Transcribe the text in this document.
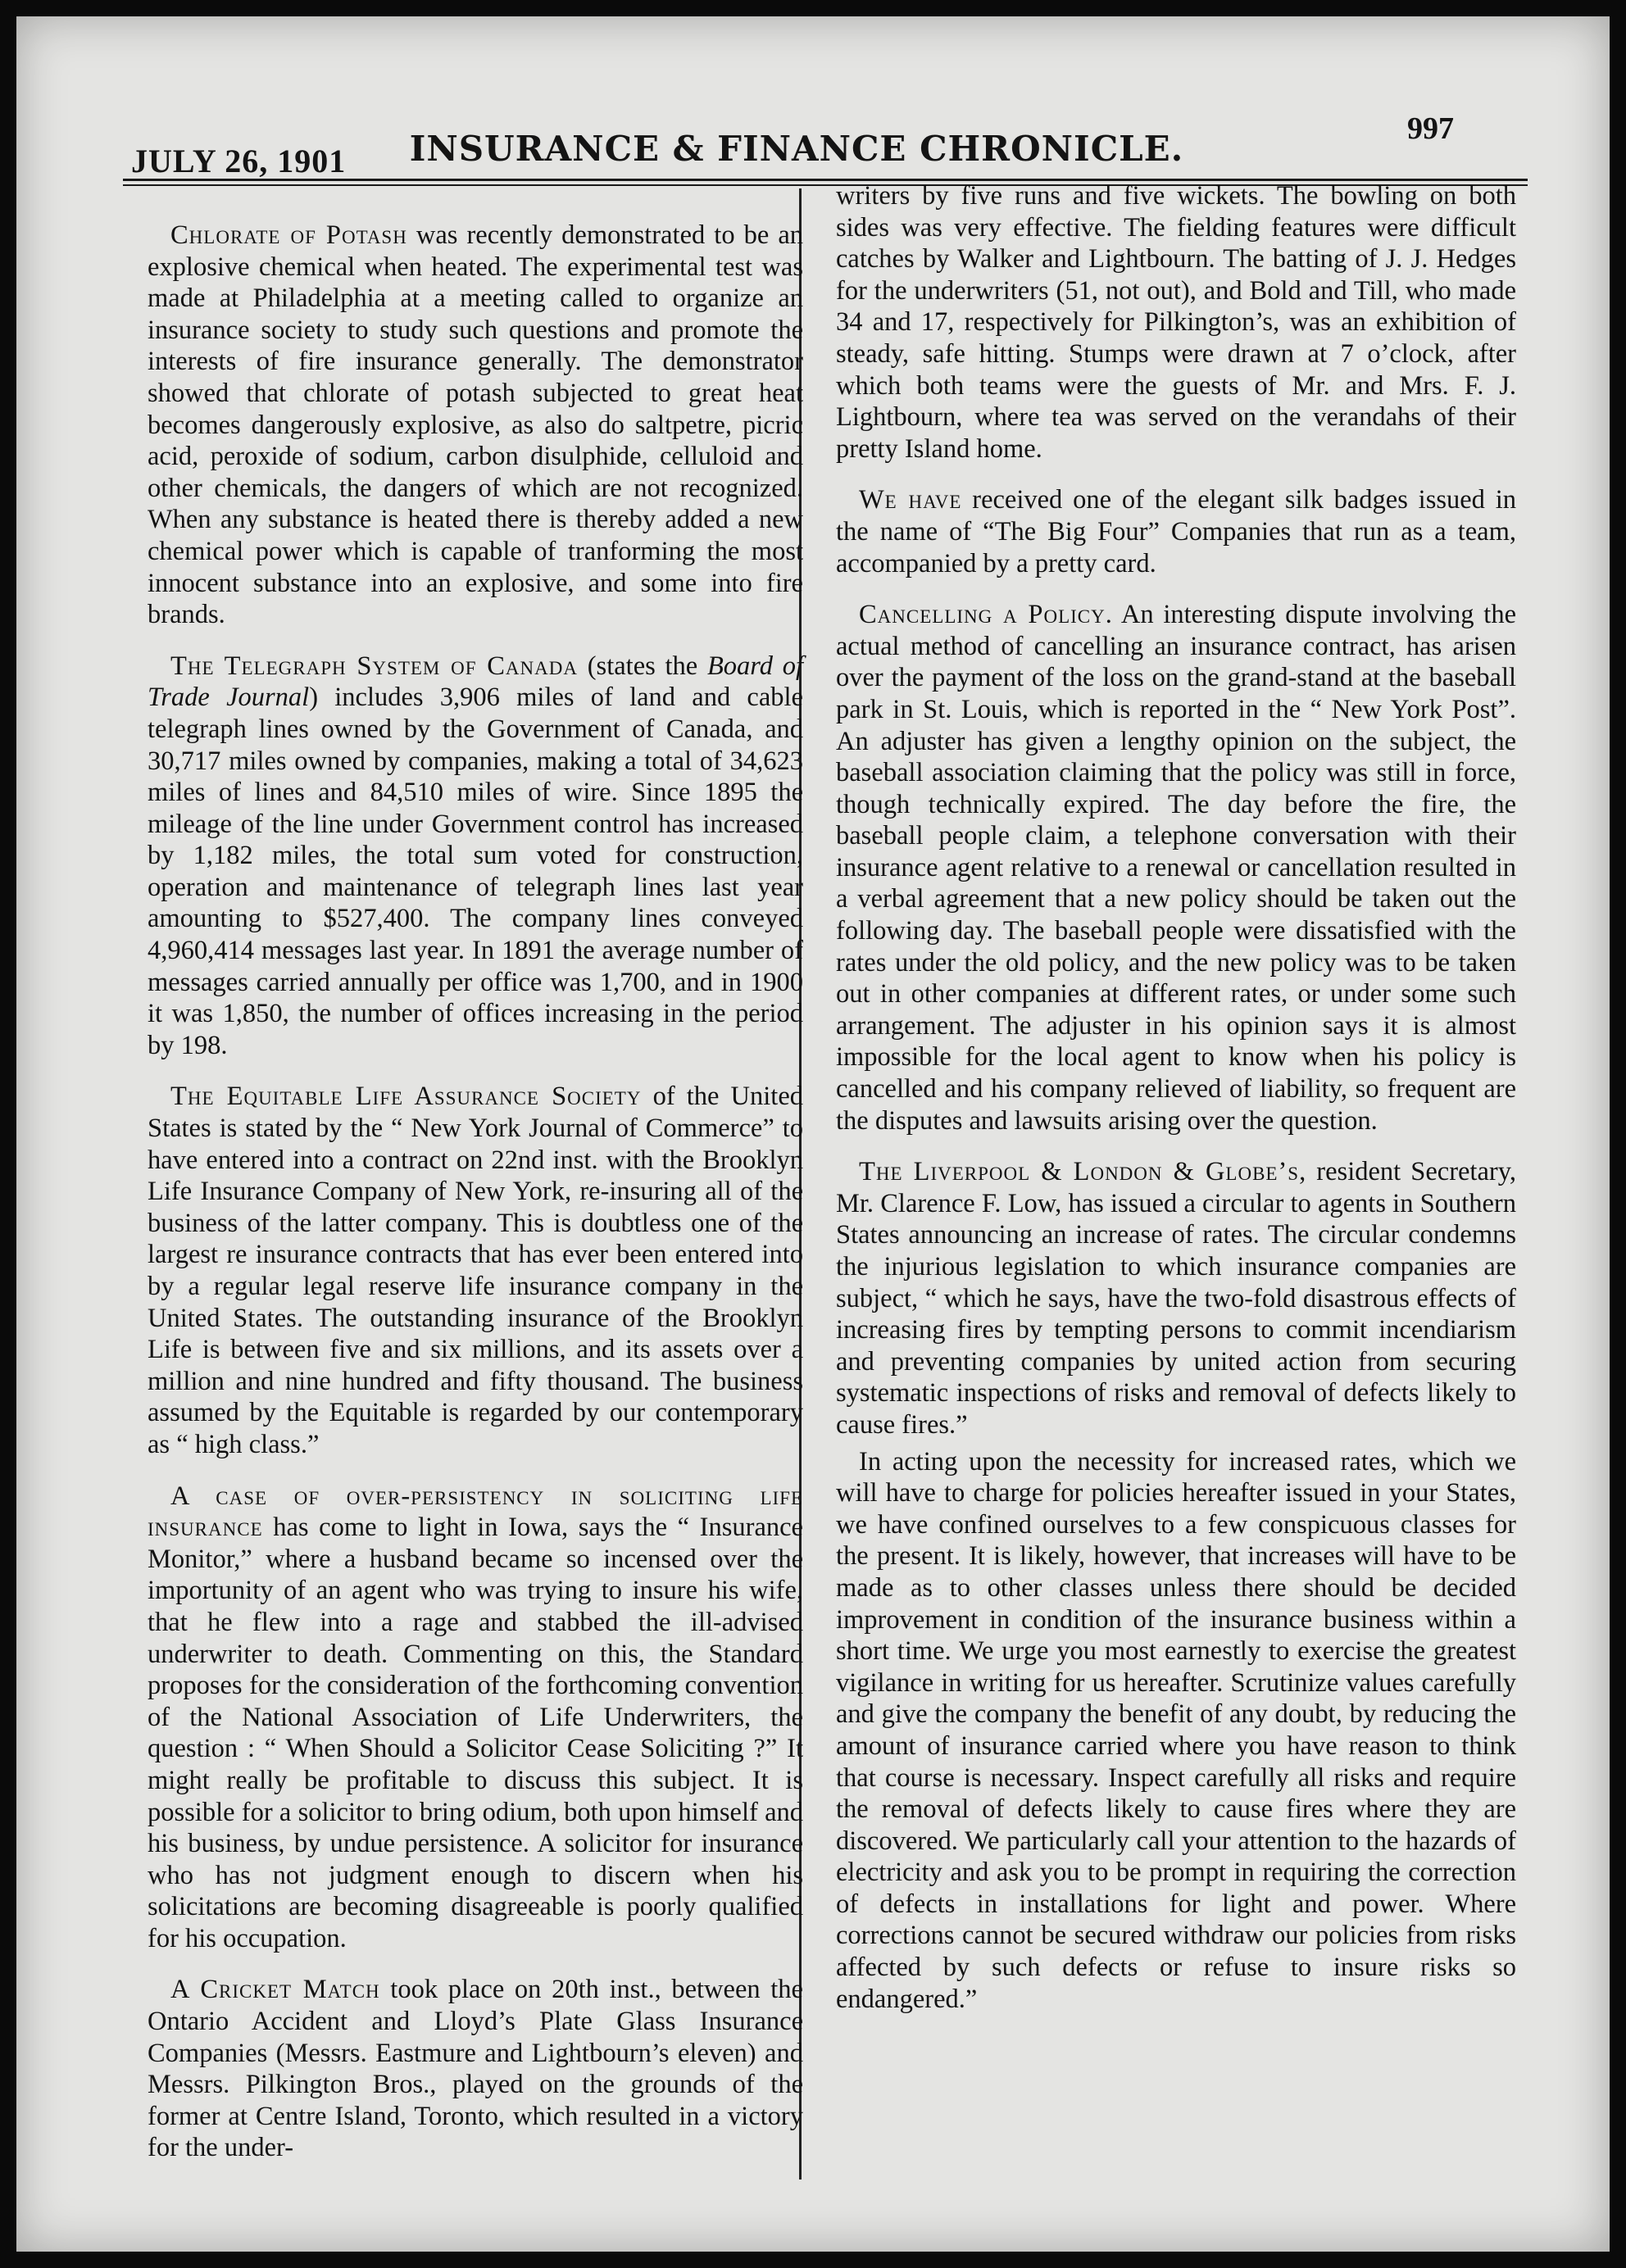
JULY 26, 1901	INSURANCE & FINANCE CHRONICLE.	997

Chlorate of Potash was recently demonstrated to be an explosive chemical when heated. The experimental test was made at Philadelphia at a meeting called to organize an insurance society to study such questions and promote the interests of fire insurance generally. The demonstrator showed that chlorate of potash subjected to great heat becomes dangerously explosive, as also do saltpetre, picric acid, peroxide of sodium, carbon disulphide, celluloid and other chemicals, the dangers of which are not recognized. When any substance is heated there is thereby added a new chemical power which is capable of tranforming the most innocent substance into an explosive, and some into fire brands.

The Telegraph System of Canada (states the Board of Trade Journal) includes 3,906 miles of land and cable telegraph lines owned by the Government of Canada, and 30,717 miles owned by companies, making a total of 34,623 miles of lines and 84,510 miles of wire. Since 1895 the mileage of the line under Government control has increased by 1,182 miles, the total sum voted for construction, operation and maintenance of telegraph lines last year amounting to $527,400. The company lines conveyed 4,960,414 messages last year. In 1891 the average number of messages carried annually per office was 1,700, and in 1900 it was 1,850, the number of offices increasing in the period by 198.

The Equitable Life Assurance Society of the United States is stated by the “ New York Journal of Commerce” to have entered into a contract on 22nd inst. with the Brooklyn Life Insurance Company of New York, re-insuring all of the business of the latter company. This is doubtless one of the largest re insurance contracts that has ever been entered into by a regular legal reserve life insurance company in the United States. The outstanding insurance of the Brooklyn Life is between five and six millions, and its assets over a million and nine hundred and fifty thousand. The business assumed by the Equitable is regarded by our contemporary as “ high class.”

A case of over-persistency in soliciting life insurance has come to light in Iowa, says the “ Insurance Monitor,” where a husband became so incensed over the importunity of an agent who was trying to insure his wife, that he flew into a rage and stabbed the ill-advised underwriter to death. Commenting on this, the Standard proposes for the consideration of the forthcoming convention of the National Association of Life Underwriters, the question : “ When Should a Solicitor Cease Soliciting ?” It might really be profitable to discuss this subject. It is possible for a solicitor to bring odium, both upon himself and his business, by undue persistence. A solicitor for insurance who has not judgment enough to discern when his solicitations are becoming disagreeable is poorly qualified for his occupation.

A Cricket Match took place on 20th inst., between the Ontario Accident and Lloyd’s Plate Glass Insurance Companies (Messrs. Eastmure and Lightbourn’s eleven) and Messrs. Pilkington Bros., played on the grounds of the former at Centre Island, Toronto, which resulted in a victory for the under-

writers by five runs and five wickets. The bowling on both sides was very effective. The fielding features were difficult catches by Walker and Lightbourn. The batting of J. J. Hedges for the underwriters (51, not out), and Bold and Till, who made 34 and 17, respectively for Pilkington’s, was an exhibition of steady, safe hitting. Stumps were drawn at 7 o’clock, after which both teams were the guests of Mr. and Mrs. F. J. Lightbourn, where tea was served on the verandahs of their pretty Island home.

We have received one of the elegant silk badges issued in the name of “The Big Four” Companies that run as a team, accompanied by a pretty card.

Cancelling a Policy. An interesting dispute involving the actual method of cancelling an insurance contract, has arisen over the payment of the loss on the grand-stand at the baseball park in St. Louis, which is reported in the “ New York Post”. An adjuster has given a lengthy opinion on the subject, the baseball association claiming that the policy was still in force, though technically expired. The day before the fire, the baseball people claim, a telephone conversation with their insurance agent relative to a renewal or cancellation resulted in a verbal agreement that a new policy should be taken out the following day. The baseball people were dissatisfied with the rates under the old policy, and the new policy was to be taken out in other companies at different rates, or under some such arrangement. The adjuster in his opinion says it is almost impossible for the local agent to know when his policy is cancelled and his company relieved of liability, so frequent are the disputes and lawsuits arising over the question.

The Liverpool & London & Globe’s, resident Secretary, Mr. Clarence F. Low, has issued a circular to agents in Southern States announcing an increase of rates. The circular condemns the injurious legislation to which insurance companies are subject, “ which he says, have the two-fold disastrous effects of increasing fires by tempting persons to commit incendiarism and preventing companies by united action from securing systematic inspections of risks and removal of defects likely to cause fires.”

In acting upon the necessity for increased rates, which we will have to charge for policies hereafter issued in your States, we have confined ourselves to a few conspicuous classes for the present. It is likely, however, that increases will have to be made as to other classes unless there should be decided improvement in condition of the insurance business within a short time. We urge you most earnestly to exercise the greatest vigilance in writing for us hereafter. Scrutinize values carefully and give the company the benefit of any doubt, by reducing the amount of insurance carried where you have reason to think that course is necessary. Inspect carefully all risks and require the removal of defects likely to cause fires where they are discovered. We particularly call your attention to the hazards of electricity and ask you to be prompt in requiring the correction of defects in installations for light and power. Where corrections cannot be secured withdraw our policies from risks affected by such defects or refuse to insure risks so endangered.”
